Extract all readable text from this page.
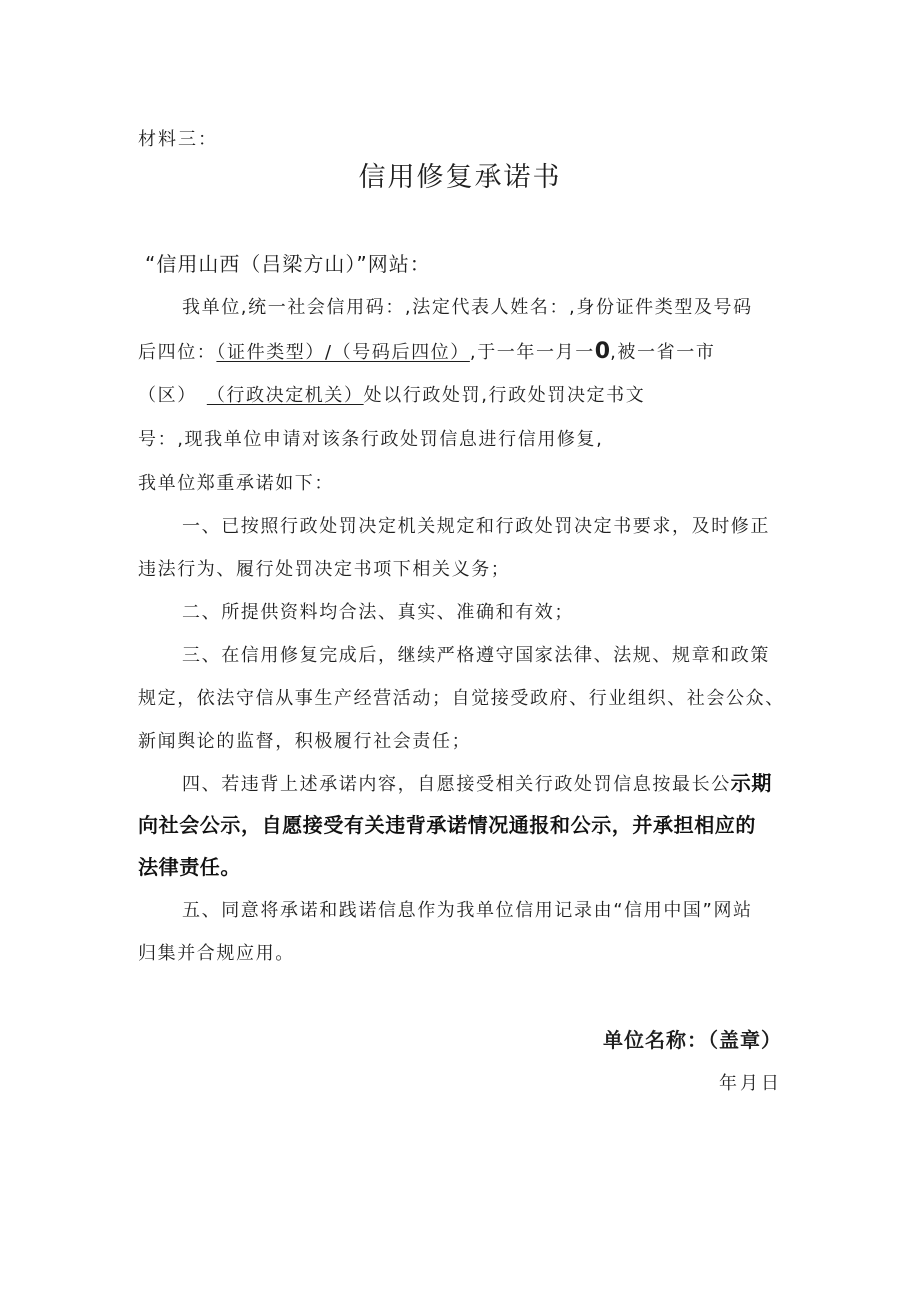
材料三：
信用修复承诺书
“信用山西（吕梁方山）”网站：
我单位,统一社会信用码：,法定代表人姓名：,身份证件类型及号码
后四位：（证件类型）/（号码后四位）,于一年一月一0,被一省一市
（区） （行政决定机关）处以行政处罚,行政处罚决定书文
号：,现我单位申请对该条行政处罚信息进行信用修复,
我单位郑重承诺如下：
一、已按照行政处罚决定机关规定和行政处罚决定书要求，及时修正
违法行为、履行处罚决定书项下相关义务；
二、所提供资料均合法、真实、准确和有效；
三、在信用修复完成后，继续严格遵守国家法律、法规、规章和政策
规定，依法守信从事生产经营活动；自觉接受政府、行业组织、社会公众、
新闻舆论的监督，积极履行社会责任；
四、若违背上述承诺内容，自愿接受相关行政处罚信息按最长公示期
向社会公示，自愿接受有关违背承诺情况通报和公示，并承担相应的
法律责任。
五、同意将承诺和践诺信息作为我单位信用记录由“信用中国”网站
归集并合规应用。
单位名称：（盖章）
年月日
